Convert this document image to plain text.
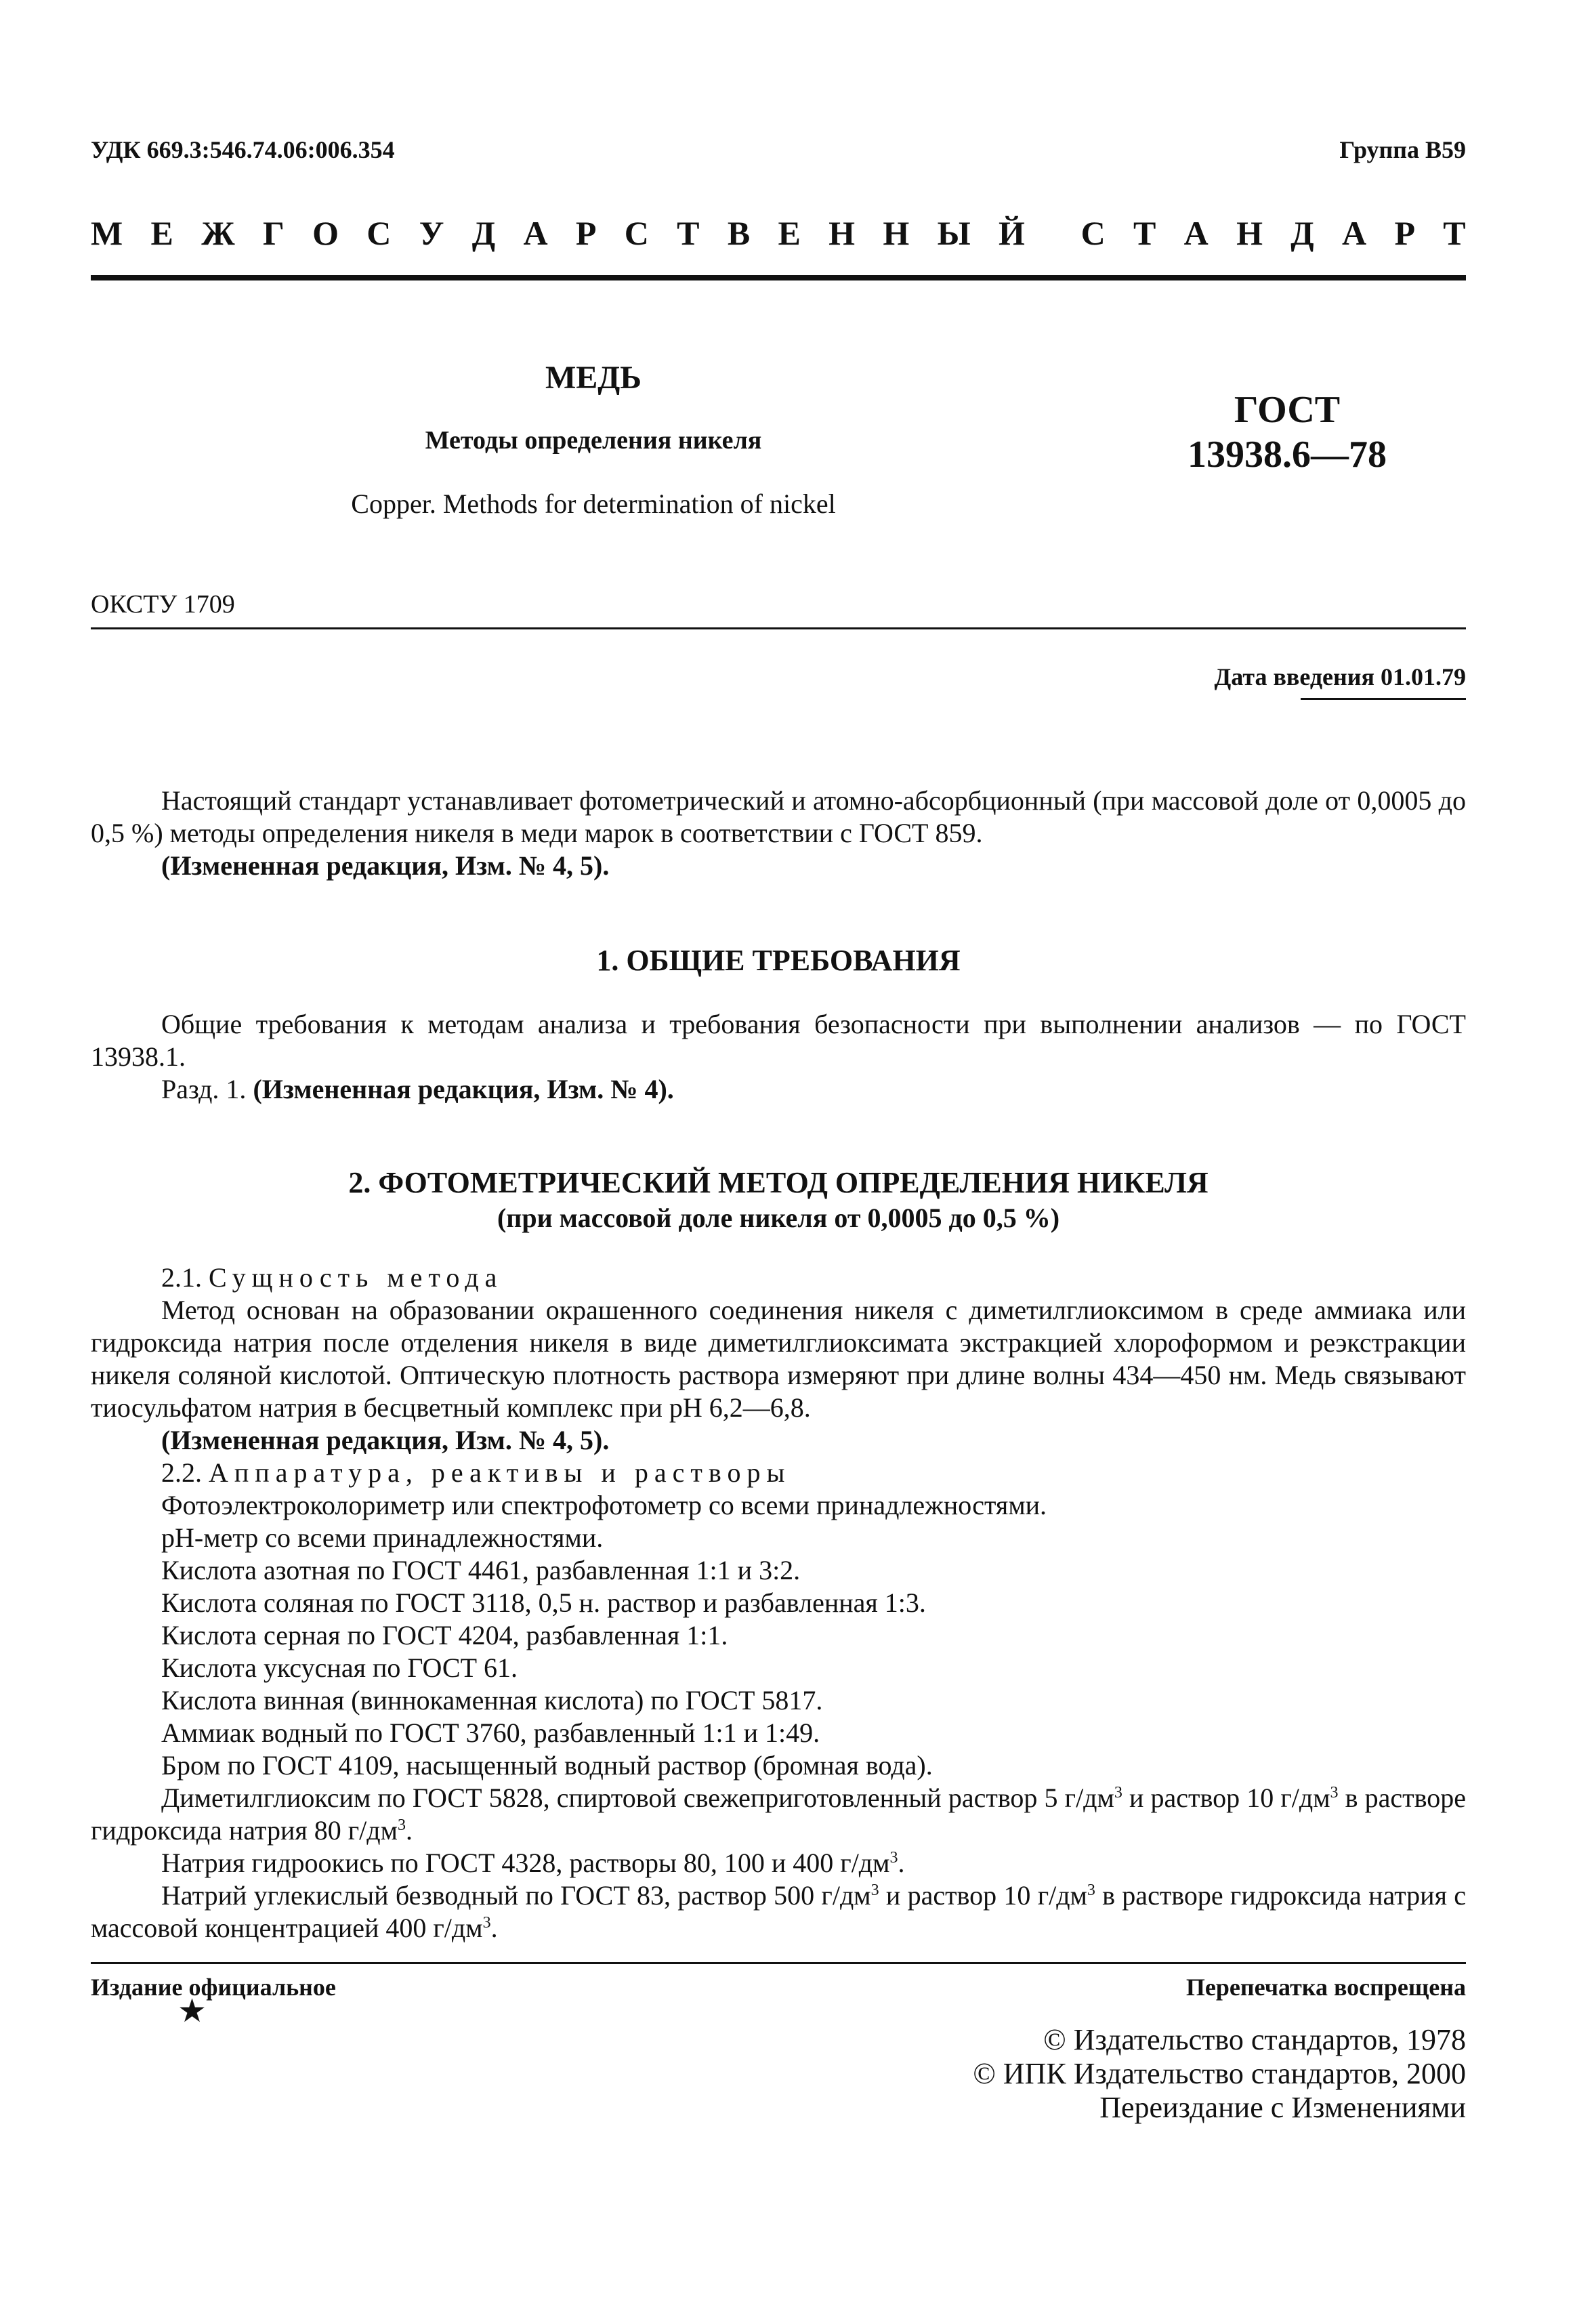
УДК 669.3:546.74.06:006.354	Группа В59
М Е Ж Г О С У Д А Р С Т В Е Н Н Ы Й С Т А Н Д А Р Т
МЕДЬ
Методы определения никеля
Copper. Methods for determination of nickel
ГОСТ
13938.6—78
ОКСТУ 1709
Дата введения 01.01.79

Настоящий стандарт устанавливает фотометрический и атомно-абсорбционный (при массовой доле от 0,0005 до 0,5 %) методы определения никеля в меди марок в соответствии с ГОСТ 859.

(Измененная редакция, Изм. № 4, 5).

1. ОБЩИЕ ТРЕБОВАНИЯ

Общие требования к методам анализа и требования безопасности при выполнении анализов — по ГОСТ 13938.1.

Разд. 1. (Измененная редакция, Изм. № 4).

2. ФОТОМЕТРИЧЕСКИЙ МЕТОД ОПРЕДЕЛЕНИЯ НИКЕЛЯ
(при массовой доле никеля от 0,0005 до 0,5 %)

2.1. Сущность метода

Метод основан на образовании окрашенного соединения никеля с диметилглиоксимом в среде аммиака или гидроксида натрия после отделения никеля в виде диметилглиоксимата экстракцией хлороформом и реэкстракции никеля соляной кислотой. Оптическую плотность раствора измеряют при длине волны 434—450 нм. Медь связывают тиосульфатом натрия в бесцветный комплекс при pH 6,2—6,8.

(Измененная редакция, Изм. № 4, 5).

2.2. Аппаратура, реактивы и растворы

Фотоэлектроколориметр или спектрофотометр со всеми принадлежностями.

pH-метр со всеми принадлежностями.

Кислота азотная по ГОСТ 4461, разбавленная 1:1 и 3:2.

Кислота соляная по ГОСТ 3118, 0,5 н. раствор и разбавленная 1:3.

Кислота серная по ГОСТ 4204, разбавленная 1:1.

Кислота уксусная по ГОСТ 61.

Кислота винная (виннокаменная кислота) по ГОСТ 5817.

Аммиак водный по ГОСТ 3760, разбавленный 1:1 и 1:49.

Бром по ГОСТ 4109, насыщенный водный раствор (бромная вода).

Диметилглиоксим по ГОСТ 5828, спиртовой свежеприготовленный раствор 5 $г/дм^3$ и раствор 10 $г/дм^3$ в растворе гидроксида натрия 80 $г/дм^3$.

Натрия гидроокись по ГОСТ 4328, растворы 80, 100 и 400 $г/дм^3$.

Натрий углекислый безводный по ГОСТ 83, раствор 500 $г/дм^3$ и раствор 10 $г/дм^3$ в растворе гидроксида натрия с массовой концентрацией 400 $г/дм^3$.

Издание официальное	Перепечатка воспрещена
★
© Издательство стандартов, 1978
© ИПК Издательство стандартов, 2000
Переиздание с Изменениями
